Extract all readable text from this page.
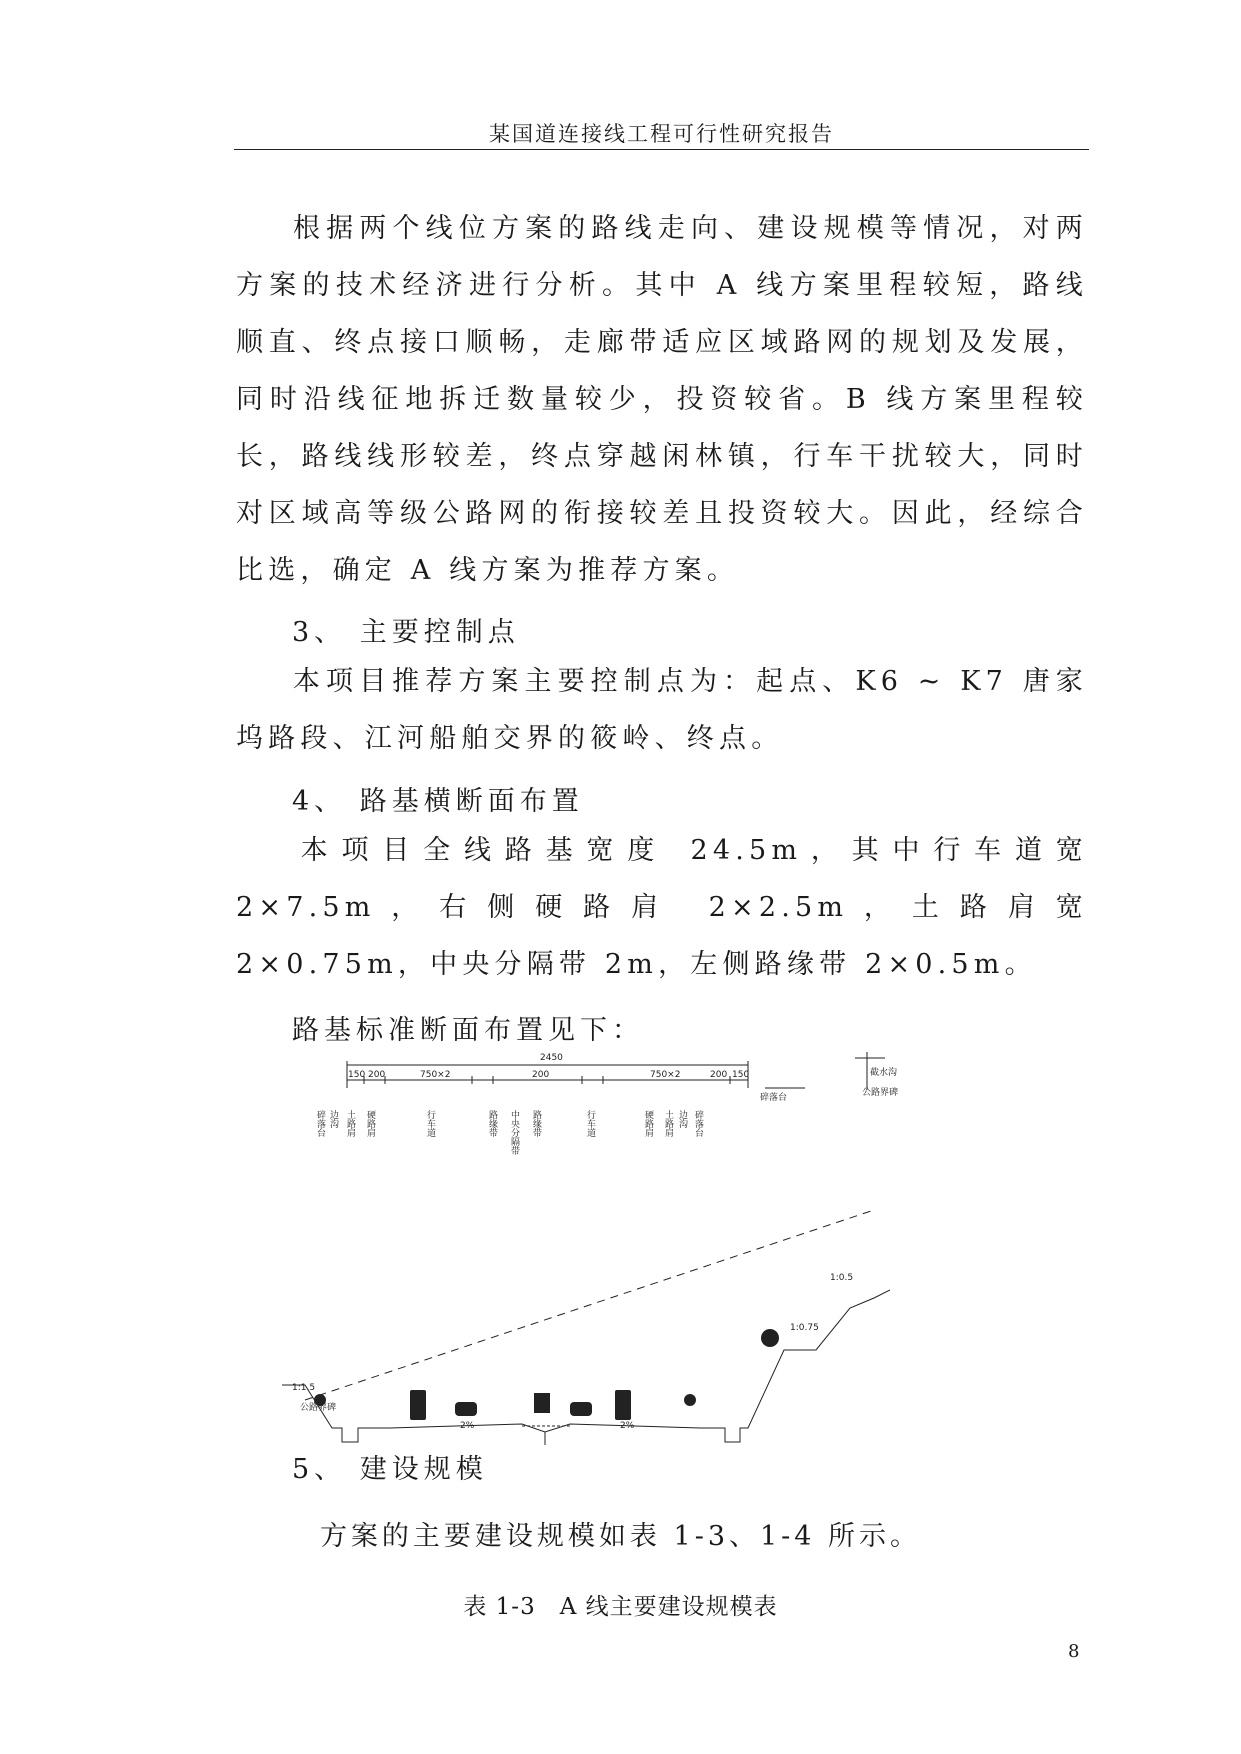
某国道连接线工程可行性研究报告
根据两个线位方案的路线走向、建设规模等情况，对两方案的技术经济进行分析。其中 A 线方案里程较短，路线顺直、终点接口顺畅，走廊带适应区域路网的规划及发展，同时沿线征地拆迁数量较少，投资较省。B 线方案里程较长，路线线形较差，终点穿越闲林镇，行车干扰较大，同时对区域高等级公路网的衔接较差且投资较大。因此，经综合比选，确定 A 线方案为推荐方案。
3、 主要控制点
本项目推荐方案主要控制点为：起点、K6 ~ K7 唐家坞路段、江河船舶交界的筱岭、终点。
4、 路基横断面布置
本项目全线路基宽度 24.5m，其中行车道宽 2×7.5m，右侧硬路肩 2×2.5m，土路肩宽 2×0.75m，中央分隔带 2m，左侧路缘带 2×0.5m。
路基标准断面布置见下：
2450
150 200	750×2	200	750×2	200 150
公路界碑
公路界碑
截水沟
碎落台
1:1.5
1:0.75
1:0.5
2%	2%
碎落台 边沟 土路肩 硬路肩	行车道	路缘带 中央分隔带 路缘带	行车道	硬路肩 土路肩 边沟 碎落台
5、 建设规模
方案的主要建设规模如表 1-3、1-4 所示。
表 1-3　A 线主要建设规模表
8
